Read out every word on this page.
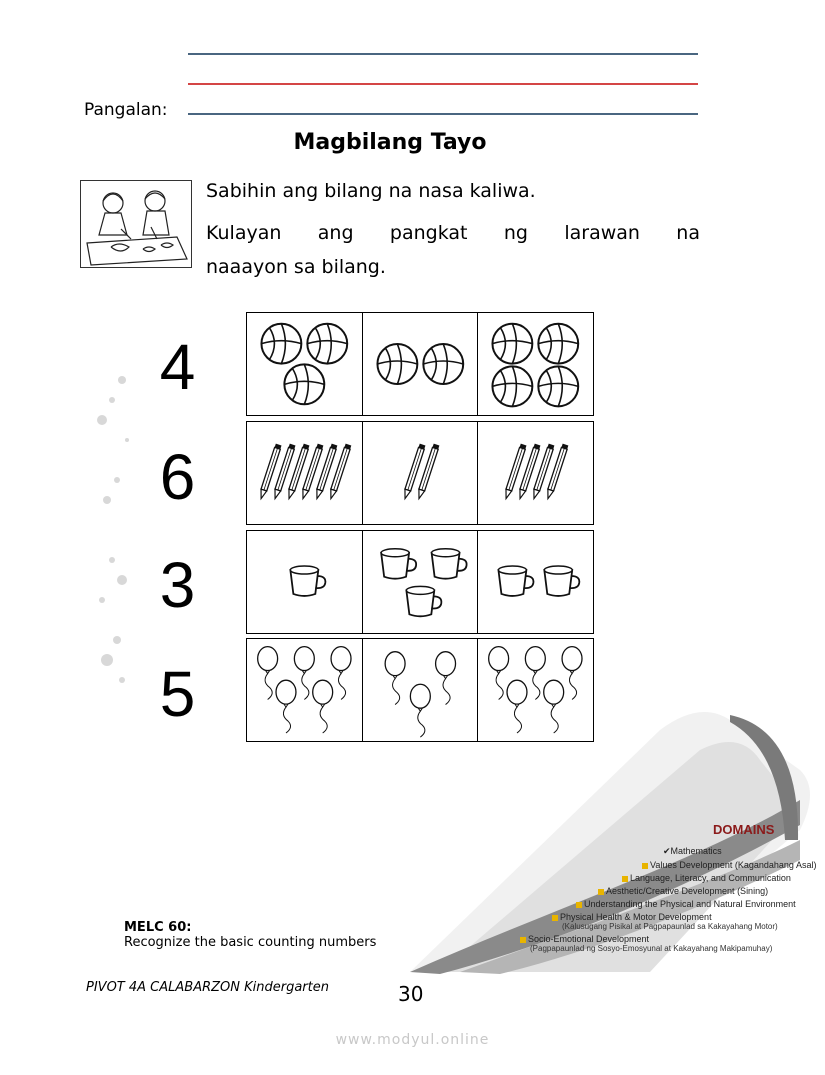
Pangalan:
Magbilang Tayo
Sabihin ang bilang na nasa kaliwa.
Kulayan ang pangkat ng larawan na
naaayon sa bilang.
4
6
3
5
DOMAINS
✔Mathematics
Values Development (Kagandahang Asal)
Language, Literacy, and Communication
Aesthetic/Creative Development (Sining)
Understanding the Physical and Natural Environment
Physical Health & Motor Development
(Kalusugang Pisikal at Pagpapaunlad sa Kakayahang Motor)
Socio-Emotional Development
(Pagpapaunlad ng Sosyo-Emosyunal at Kakayahang Makipamuhay)
MELC 60:
Recognize the basic counting numbers
PIVOT 4A CALABARZON Kindergarten	30
www.modyul.online
